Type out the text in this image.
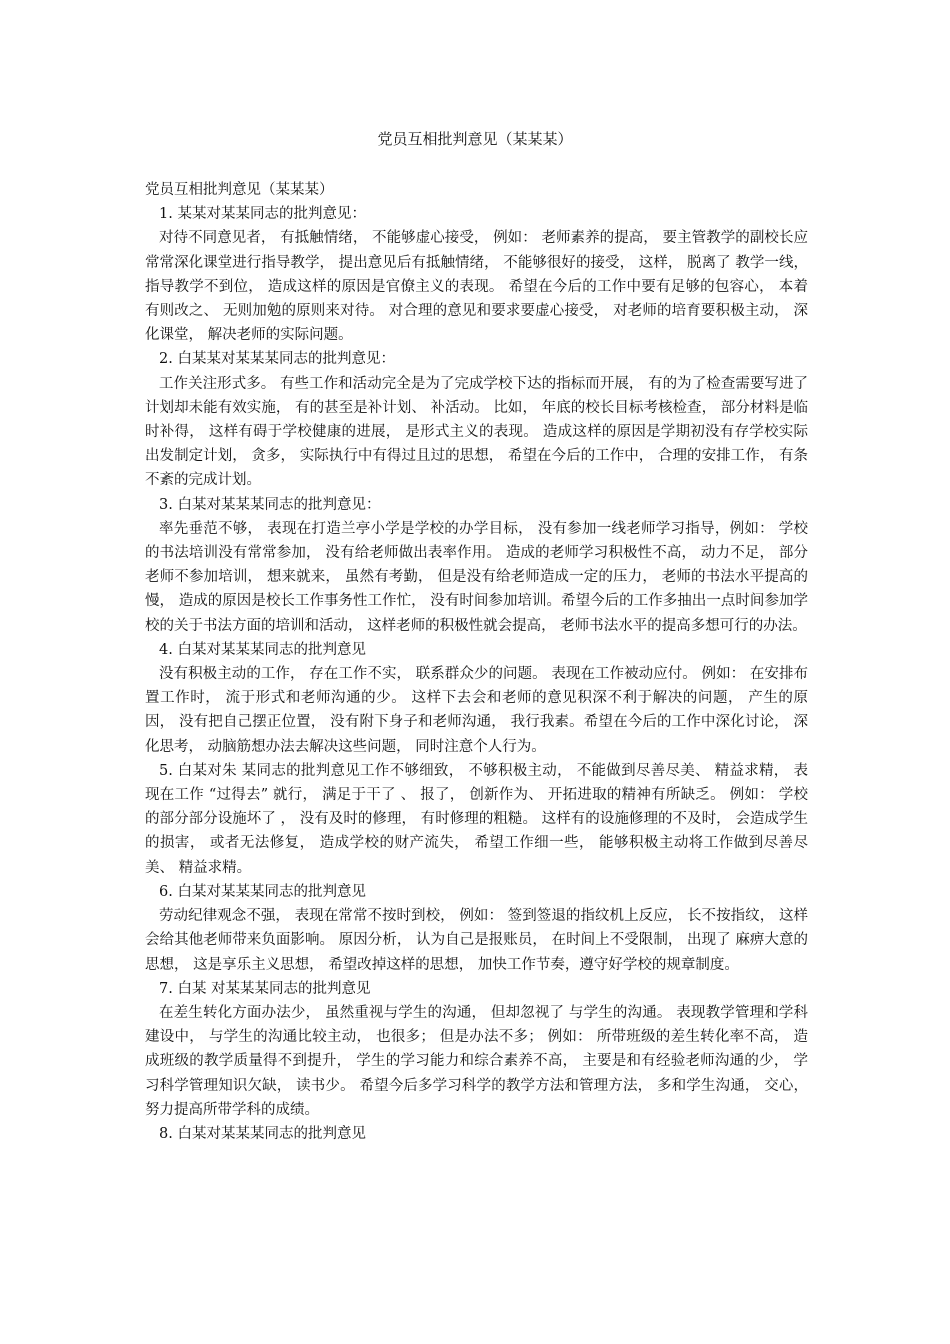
党员互相批判意见（某某某）

党员互相批判意见（某某某）

1. 某某对某某同志的批判意见：

对待不同意见者， 有抵触情绪， 不能够虚心接受， 例如： 老师素养的提高， 要主管教学的副校长应常常深化课堂进行指导教学， 提出意见后有抵触情绪， 不能够很好的接受， 这样， 脱离了 教学一线， 指导教学不到位， 造成这样的原因是官僚主义的表现。 希望在今后的工作中要有足够的包容心， 本着有则改之、 无则加勉的原则来对待。 对合理的意见和要求要虚心接受， 对老师的培育要积极主动， 深化课堂， 解决老师的实际问题。

2. 白某某对某某某同志的批判意见：

工作关注形式多。 有些工作和活动完全是为了完成学校下达的指标而开展， 有的为了检查需要写进了计划却未能有效实施， 有的甚至是补计划、 补活动。 比如， 年底的校长目标考核检查， 部分材料是临时补得， 这样有碍于学校健康的进展， 是形式主义的表现。 造成这样的原因是学期初没有存学校实际出发制定计划， 贪多， 实际执行中有得过且过的思想， 希望在今后的工作中， 合理的安排工作， 有条不紊的完成计划。

3. 白某对某某某同志的批判意见：

率先垂范不够， 表现在打造兰亭小学是学校的办学目标， 没有参加一线老师学习指导，例如： 学校的书法培训没有常常参加， 没有给老师做出表率作用。 造成的老师学习积极性不高， 动力不足， 部分老师不参加培训， 想来就来， 虽然有考勤， 但是没有给老师造成一定的压力， 老师的书法水平提高的慢， 造成的原因是校长工作事务性工作忙， 没有时间参加培训。希望今后的工作多抽出一点时间参加学校的关于书法方面的培训和活动， 这样老师的积极性就会提高， 老师书法水平的提高多想可行的办法。

4. 白某对某某某同志的批判意见

没有积极主动的工作， 存在工作不实， 联系群众少的问题。 表现在工作被动应付。 例如： 在安排布置工作时， 流于形式和老师沟通的少。 这样下去会和老师的意见积深不利于解决的问题， 产生的原因， 没有把自己摆正位置， 没有附下身子和老师沟通， 我行我素。希望在今后的工作中深化讨论， 深化思考， 动脑筋想办法去解决这些问题， 同时注意个人行为。

5. 白某对朱 某同志的批判意见工作不够细致， 不够积极主动， 不能做到尽善尽美、 精益求精， 表现在工作 “过得去” 就行， 满足于干了 、 报了， 创新作为、 开拓进取的精神有所缺乏。 例如： 学校的部分部分设施坏了 ， 没有及时的修理， 有时修理的粗糙。 这样有的设施修理的不及时， 会造成学生的损害， 或者无法修复， 造成学校的财产流失， 希望工作细一些， 能够积极主动将工作做到尽善尽美、 精益求精。

6. 白某对某某某同志的批判意见

劳动纪律观念不强， 表现在常常不按时到校， 例如： 签到签退的指纹机上反应， 长不按指纹， 这样会给其他老师带来负面影响。 原因分析， 认为自己是报账员， 在时间上不受限制， 出现了 麻痹大意的思想， 这是享乐主义思想， 希望改掉这样的思想， 加快工作节奏，遵守好学校的规章制度。

7. 白某 对某某某同志的批判意见

在差生转化方面办法少， 虽然重视与学生的沟通， 但却忽视了 与学生的沟通。 表现教学管理和学科建设中， 与学生的沟通比较主动， 也很多； 但是办法不多； 例如： 所带班级的差生转化率不高， 造成班级的教学质量得不到提升， 学生的学习能力和综合素养不高， 主要是和有经验老师沟通的少， 学习科学管理知识欠缺， 读书少。 希望今后多学习科学的教学方法和管理方法， 多和学生沟通， 交心， 努力提高所带学科的成绩。

8. 白某对某某某同志的批判意见
